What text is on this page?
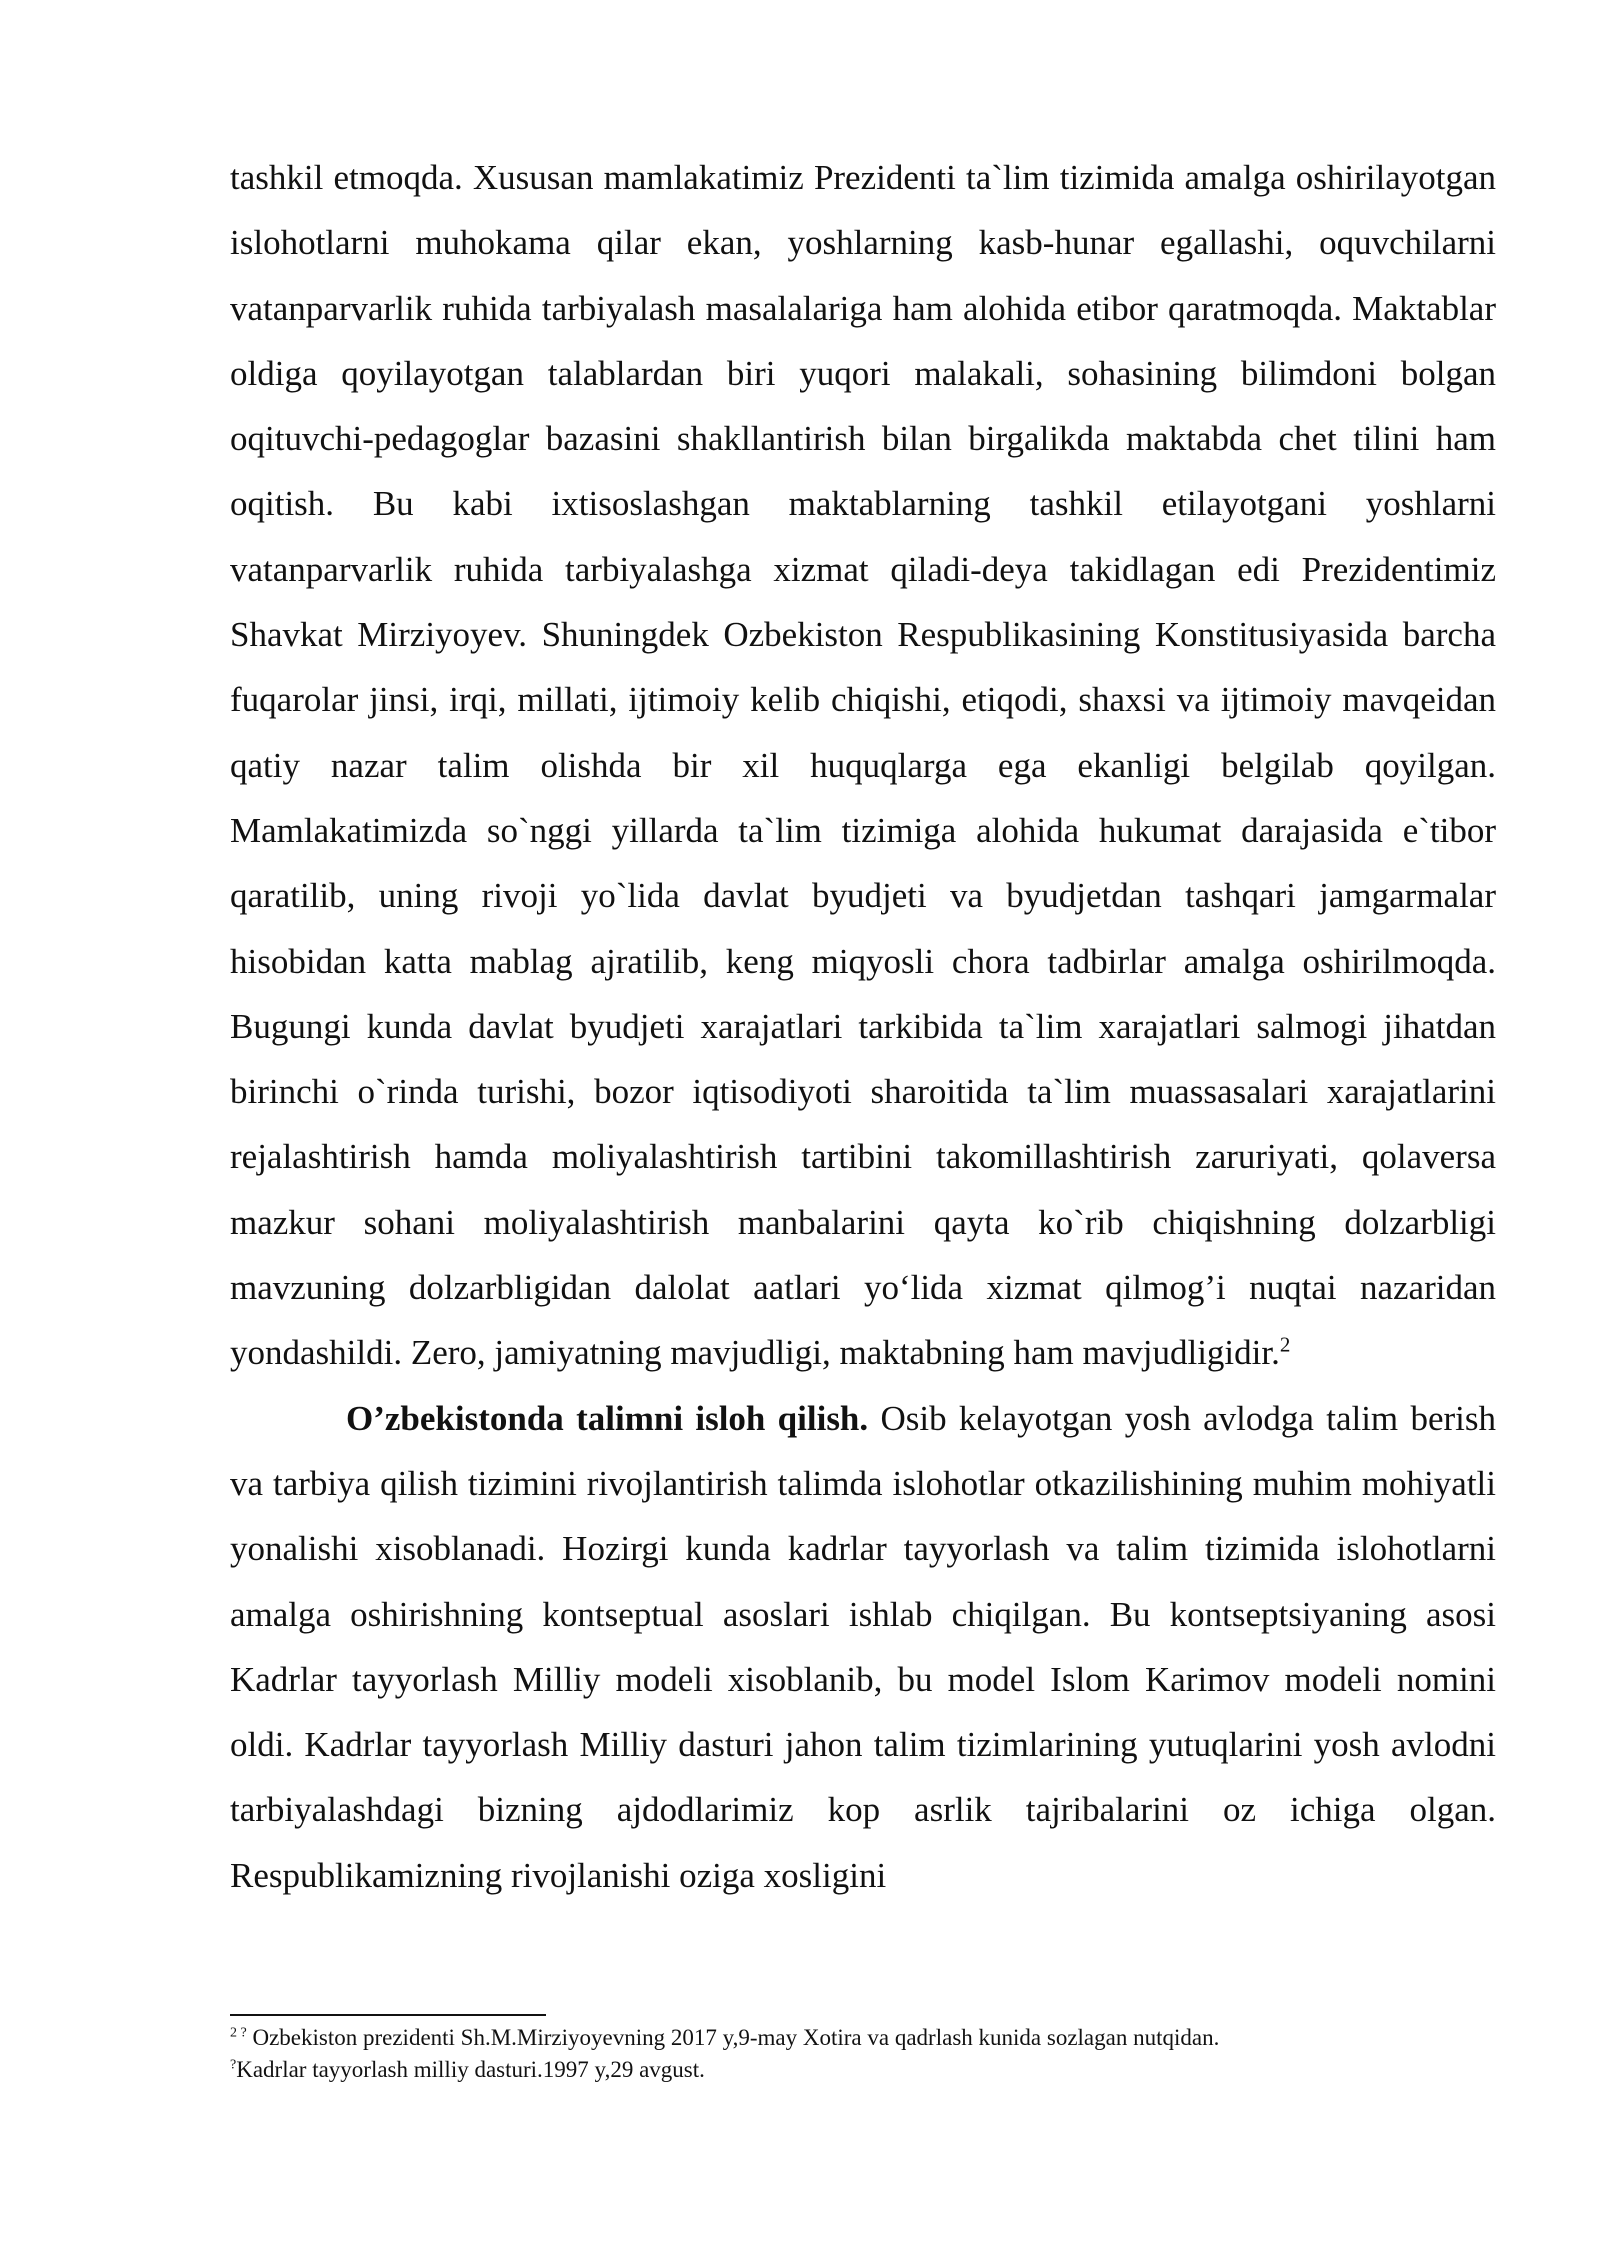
tashkil etmoqda. Xususan mamlakatimiz Prezidenti ta`lim tizimida amalga oshirilayotgan islohotlarni muhokama qilar ekan, yoshlarning kasb-hunar egallashi, oquvchilarni vatanparvarlik ruhida tarbiyalash masalalariga ham alohida etibor qaratmoqda. Maktablar oldiga qoyilayotgan talablardan biri yuqori malakali, sohasining bilimdoni bolgan oqituvchi-pedagoglar bazasini shakllantirish bilan birgalikda maktabda chet tilini ham oqitish. Bu kabi ixtisoslashgan maktablarning tashkil etilayotgani yoshlarni vatanparvarlik ruhida tarbiyalashga xizmat qiladi-deya takidlagan edi Prezidentimiz Shavkat Mirziyoyev. Shuningdek Ozbekiston Respublikasining Konstitusiyasida barcha fuqarolar jinsi, irqi, millati, ijtimoiy kelib chiqishi, etiqodi, shaxsi va ijtimoiy mavqeidan qatiy nazar talim olishda bir xil huquqlarga ega ekanligi belgilab qoyilgan. Mamlakatimizda so`nggi yillarda ta`lim tizimiga alohida hukumat darajasida e`tibor qaratilib, uning rivoji yo`lida davlat byudjeti va byudjetdan tashqari jamgarmalar hisobidan katta mablag ajratilib, keng miqyosli chora tadbirlar amalga oshirilmoqda. Bugungi kunda davlat byudjeti xarajatlari tarkibida ta`lim xarajatlari salmogi jihatdan birinchi o`rinda turishi, bozor iqtisodiyoti sharoitida ta`lim muassasalari xarajatlarini rejalashtirish hamda moliyalashtirish tartibini takomillashtirish zaruriyati, qolaversa mazkur sohani moliyalashtirish manbalarini qayta ko`rib chiqishning dolzarbligi mavzuning dolzarbligidan dalolat aatlari yo‘lida xizmat qilmog’i nuqtai nazaridan yondashildi. Zero, jamiyatning mavjudligi, maktabning ham mavjudligidir.$^2$

O’zbekistonda talimni isloh qilish. Osib kelayotgan yosh avlodga talim berish va tarbiya qilish tizimini rivojlantirish talimda islohotlar otkazilishining muhim mohiyatli yonalishi xisoblanadi. Hozirgi kunda kadrlar tayyorlash va talim tizimida islohotlarni amalga oshirishning kontseptual asoslari ishlab chiqilgan. Bu kontseptsiyaning asosi Kadrlar tayyorlash Milliy modeli xisoblanib, bu model Islom Karimov modeli nomini oldi. Kadrlar tayyorlash Milliy dasturi jahon talim tizimlarining yutuqlarini yosh avlodni tarbiyalashdagi bizning ajdodlarimiz kop asrlik tajribalarini oz ichiga olgan. Respublikamizning rivojlanishi oziga xosligini

$^{2 ?}$ Ozbekiston prezidenti Sh.M.Mirziyoyevning 2017 y,9-may Xotira va qadrlash kunida sozlagan nutqidan.

?Kadrlar tayyorlash milliy dasturi.1997 y,29 avgust.
